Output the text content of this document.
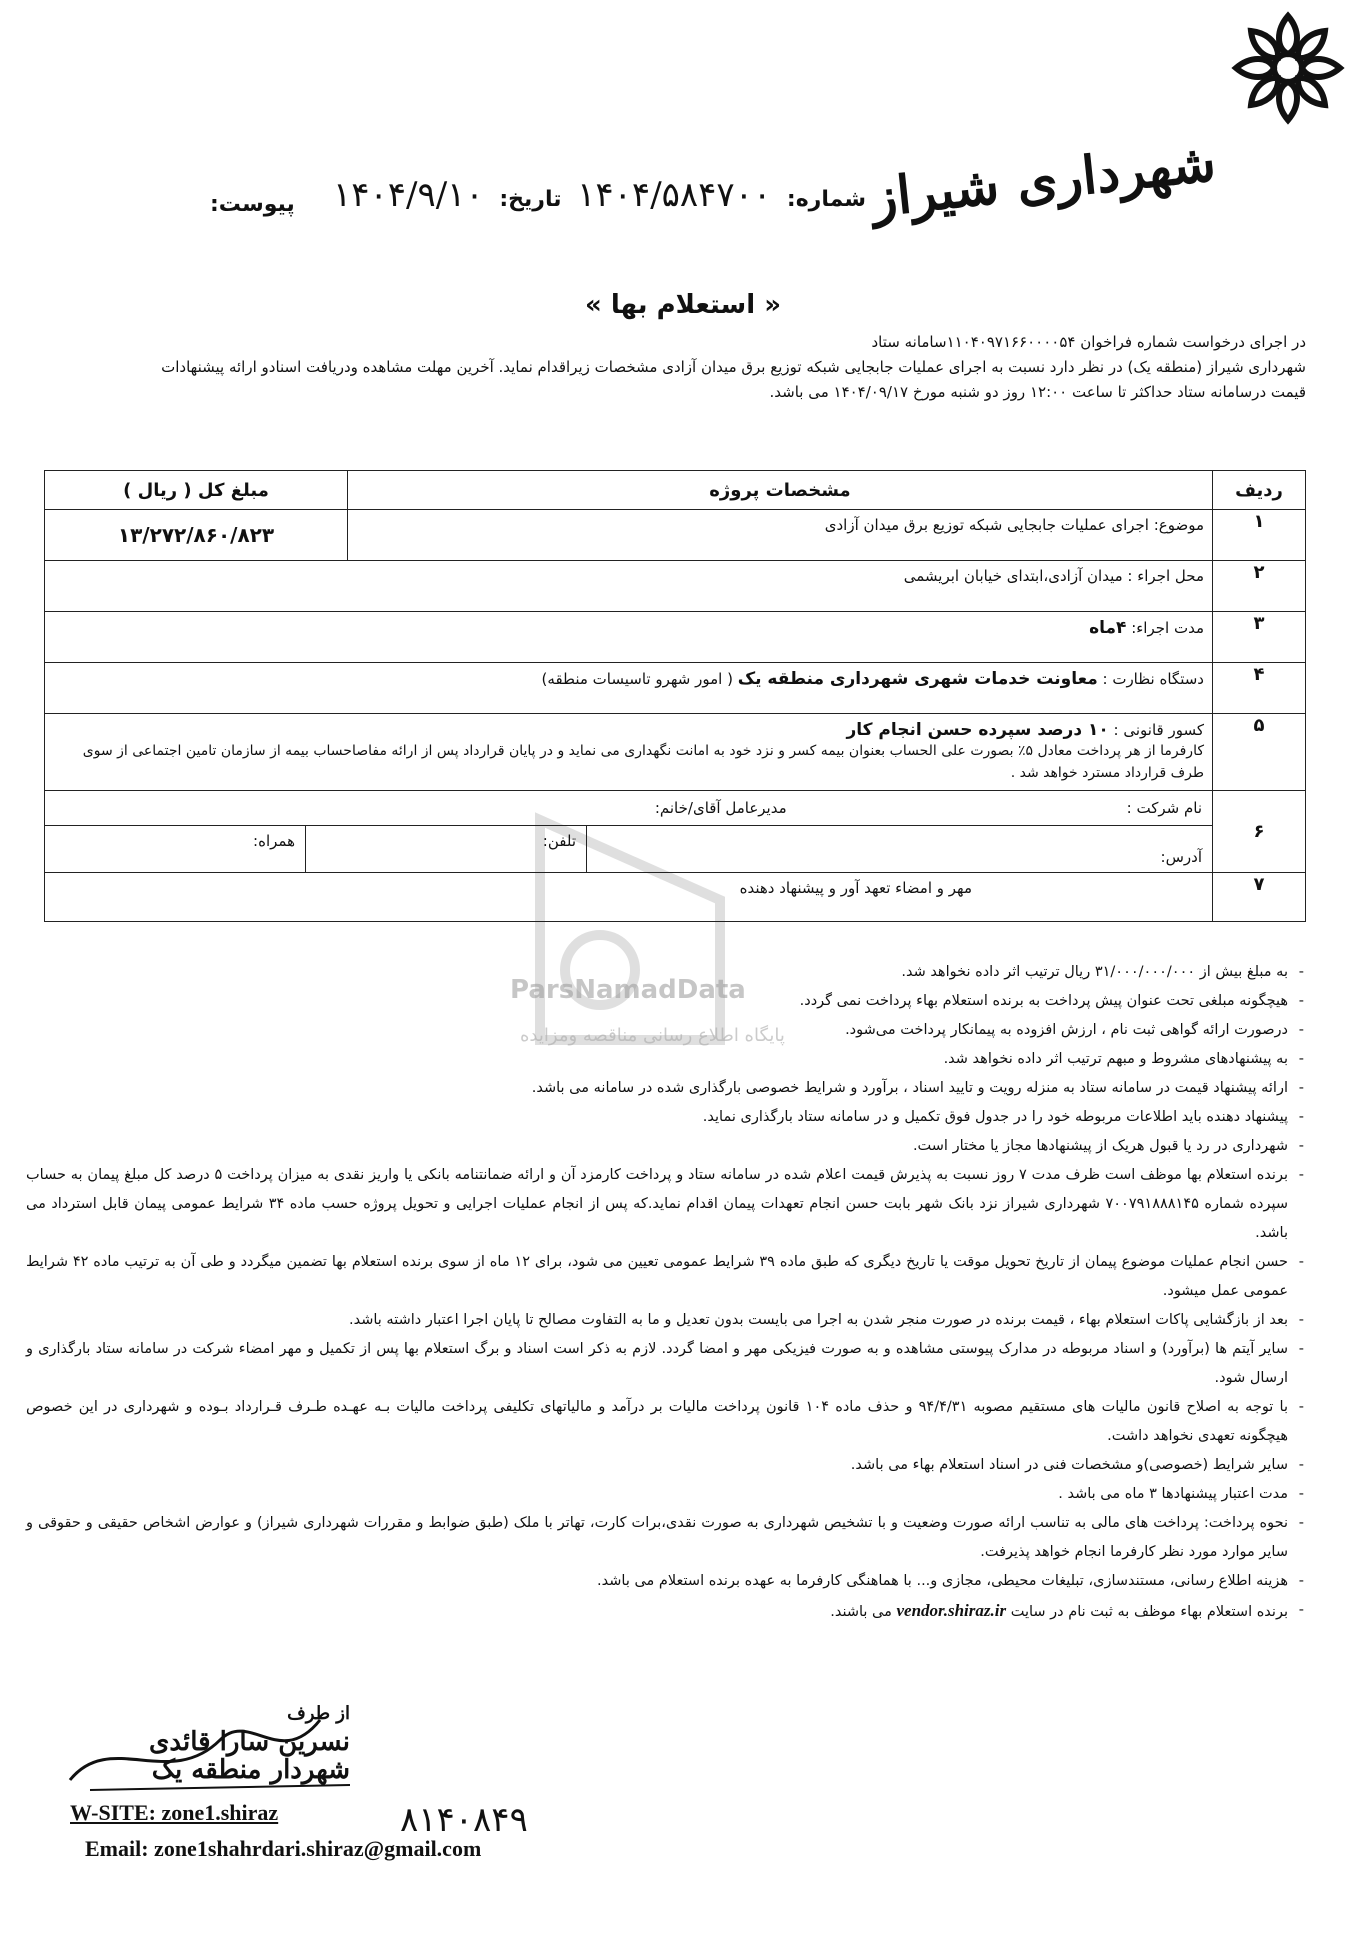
شهرداری شیراز
شماره: ۱۴۰۴/۵۸۴۷۰۰ تاریخ: ۱۴۰۴/۹/۱۰
پیوست:
« استعلام بها »
در اجرای درخواست شماره فراخوان ۱۱۰۴۰۹۷۱۶۶۰۰۰۰۵۴سامانه ستاد
شهرداری شیراز (منطقه یک) در نظر دارد نسبت به اجرای عملیات جابجایی شبکه توزیع برق میدان آزادی مشخصات زیراقدام نماید. آخرین مهلت مشاهده ودریافت اسنادو ارائه پیشنهادات
قیمت درسامانه ستاد حداکثر تا ساعت ۱۲:۰۰ روز دو شنبه مورخ ۱۴۰۴/۰۹/۱۷ می باشد.
ParsNamadData
پایگاه اطلاع رسانی مناقصه ومزایده
ردیف	مشخصات پروژه	مبلغ کل ( ریال )
۱	موضوع: اجرای عملیات جابجایی شبکه توزیع برق میدان آزادی	۱۳/۲۷۲/۸۶۰/۸۲۳
۲	محل اجراء : میدان آزادی،ابتدای خیابان ابریشمی	
۳	مدت اجراء: ۴ماه	
۴	دستگاه نظارت : معاونت خدمات شهری شهرداری منطقه یک ( امور شهرو تاسیسات منطقه)	
۵	کسور قانونی : ۱۰ درصد سپرده حسن انجام کار
کارفرما از هر پرداخت معادل ۵٪ بصورت علی الحساب بعنوان بیمه کسر و نزد خود به امانت نگهداری می نماید و در پایان قرارداد پس از ارائه مفاصاحساب بیمه از سازمان تامین اجتماعی از سوی طرف قرارداد مسترد خواهد شد .	

۶	نام شرکت :
مدیرعامل آقای/خانم:
آدرس:
تلفن:
همراه:	

۷	مهر و امضاء تعهد آور و پیشنهاد دهنده	
- به مبلغ بیش از ۳۱/۰۰۰/۰۰۰/۰۰۰ ریال ترتیب اثر داده نخواهد شد.
- هیچگونه مبلغی تحت عنوان پیش پرداخت به برنده استعلام بهاء پرداخت نمی گردد.
- درصورت ارائه گواهی ثبت نام ، ارزش افزوده به پیمانکار پرداخت می‌شود.
- به پیشنهادهای مشروط و مبهم ترتیب اثر داده نخواهد شد.
- ارائه پیشنهاد قیمت در سامانه ستاد به منزله رویت و تایید اسناد ، برآورد و شرایط خصوصی بارگذاری شده در سامانه می باشد.
- پیشنهاد دهنده باید اطلاعات مربوطه خود را در جدول فوق تکمیل و در سامانه ستاد بارگذاری نماید.
- شهرداری در رد یا قبول هریک از پیشنهادها مجاز یا مختار است.
- برنده استعلام بها موظف است ظرف مدت ۷ روز نسبت به پذیرش قیمت اعلام شده در سامانه ستاد و پرداخت کارمزد آن و ارائه ضمانتنامه بانکی یا واریز نقدی به میزان پرداخت ۵ درصد کل مبلغ پیمان به حساب سپرده شماره ۷۰۰۷۹۱۸۸۸۱۴۵ شهرداری شیراز نزد بانک شهر بابت حسن انجام تعهدات پیمان اقدام نماید.که پس از انجام عملیات اجرایی و تحویل پروژه حسب ماده ۳۴ شرایط عمومی پیمان قابل استرداد می باشد.
- حسن انجام عملیات موضوع پیمان از تاریخ تحویل موقت یا تاریخ دیگری که طبق ماده ۳۹ شرایط عمومی تعیین می شود، برای ۱۲ ماه از سوی برنده استعلام بها تضمین میگردد و طی آن به ترتیب ماده ۴۲ شرایط عمومی عمل میشود.
- بعد از بازگشایی پاکات استعلام بهاء ، قیمت برنده در صورت منجر شدن به اجرا می بایست بدون تعدیل و ما به التفاوت مصالح تا پایان اجرا اعتبار داشته باشد.
- سایر آیتم ها (برآورد) و اسناد مربوطه در مدارک پیوستی مشاهده و به صورت فیزیکی مهر و امضا گردد. لازم به ذکر است اسناد و برگ استعلام بها پس از تکمیل و مهر امضاء شرکت در سامانه ستاد بارگذاری و ارسال شود.
- با توجه به اصلاح قانون مالیات های مستقیم مصوبه ۹۴/۴/۳۱ و حذف ماده ۱۰۴ قانون پرداخت مالیات بر درآمد و مالیاتهای تکلیفی پرداخت مالیات بـه عهـده طـرف قـرارداد بـوده و شهرداری در این خصوص هیچگونه تعهدی نخواهد داشت.
- سایر شرایط (خصوصی)و مشخصات فنی در اسناد استعلام بهاء می باشد.
- مدت اعتبار پیشنهادها ۳ ماه می باشد .
- نحوه پرداخت: پرداخت های مالی به تناسب ارائه صورت وضعیت و با تشخیص شهرداری به صورت نقدی،برات کارت، تهاتر با ملک (طبق ضوابط و مقررات شهرداری شیراز) و عوارض اشخاص حقیقی و حقوقی و سایر موارد مورد نظر کارفرما انجام خواهد پذیرفت.
- هزینه اطلاع رسانی، مستندسازی، تبلیغات محیطی، مجازی و... با هماهنگی کارفرما به عهده برنده استعلام می باشد.
- برنده استعلام بهاء موظف به ثبت نام در سایت vendor.shiraz.ir می باشند.
از طرف
نسرین سارا قائدی
شهردار منطقه یک
۸۱۴۰۸۴۹
W-SITE: zone1.shiraz
Email: zone1shahrdari.shiraz@gmail.com
